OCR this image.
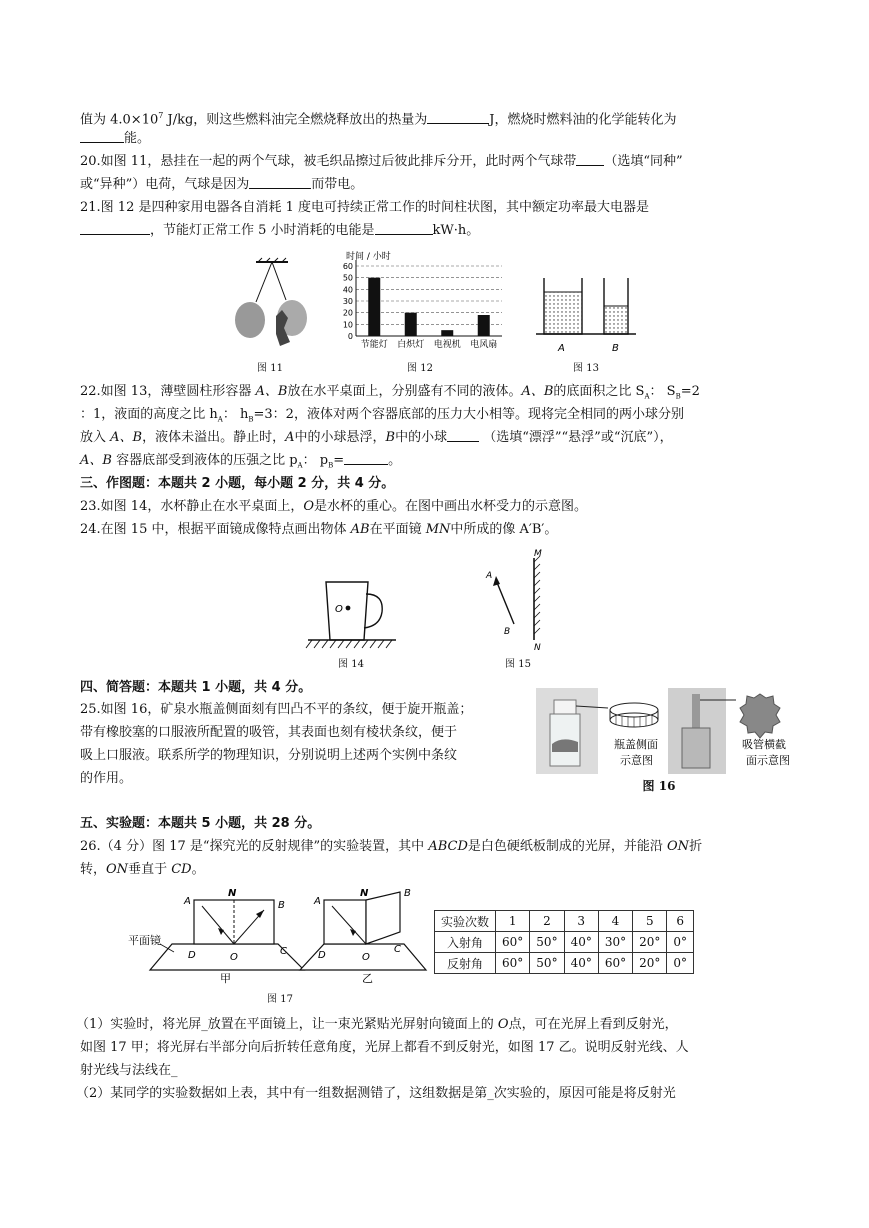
值为 $4.0\times 10^7$ J/kg，则这些燃料油完全燃烧释放出的热量为	J，燃烧时燃料油的化学能转化为
能。
20.如图 11，悬挂在一起的两个气球，被毛织品擦过后彼此排斥分开，此时两个气球带 （选填“同种”
或“异种”）电荷，气球是因为	而带电。
21.图 12 是四种家用电器各自消耗 1 度电可持续正常工作的时间柱状图，其中额定功率最大电器是
，节能灯正常工作 5 小时消耗的电能是	kW·h。
图 11
时间 / 小时
0
10
20
30
40
50
60
节能灯 白炽灯 电视机 电风扇
图 12
A	B
图 13
22.如图 13，薄壁圆柱形容器 A、B放在水平桌面上，分别盛有不同的液体。A、B的底面积之比 $S_A$： $S_B=2$
：1，液面的高度之比 $h_A$： $h_B=3$：2，液体对两个容器底部的压力大小相等。现将完全相同的两小球分别
放入 A、B，液体未溢出。静止时，A中的小球悬浮，B中的小球	（选填“漂浮”“悬浮”或“沉底”），
A、B 容器底部受到液体的压强之比 $p_A$： $p_B=$	。
三、作图题：本题共 2 小题，每小题 2 分，共 4 分。
23.如图 14，水杯静止在水平桌面上，O是水杯的重心。在图中画出水杯受力的示意图。
24.在图 15 中，根据平面镜成像特点画出物体 AB在平面镜 MN中所成的像 A′B′。
O
图 14
M
N
A
B
图 15
四、简答题：本题共 1 小题，共 4 分。
25.如图 16，矿泉水瓶盖侧面刻有凹凸不平的条纹，便于旋开瓶盖；
带有橡胶塞的口服液所配置的吸管，其表面也刻有棱状条纹，便于
吸上口服液。联系所学的物理知识，分别说明上述两个实例中条纹
的作用。
瓶盖侧面
示意图
吸管横截
面示意图
图 16
五、实验题：本题共 5 小题，共 28 分。
26.（4 分）图 17 是“探究光的反射规律”的实验装置，其中 ABCD是白色硬纸板制成的光屏，并能沿 ON折
转，ON垂直于 CD。
A
N
B
D	O
C
平面镜
甲
A
N	B
D	O
C
乙
图 17
实验次数	1	2	3	4	5	6
入射角	60°	50°	40°	30°	20°	0°
反射角	60°	50°	40°	60°	20°	0°
（1）实验时，将光屏_放置在平面镜上，让一束光紧贴光屏射向镜面上的 O点，可在光屏上看到反射光，
如图 17 甲；将光屏右半部分向后折转任意角度，光屏上都看不到反射光，如图 17 乙。说明反射光线、人
射光线与法线在_
（2）某同学的实验数据如上表，其中有一组数据测错了，这组数据是第_次实验的，原因可能是将反射光
